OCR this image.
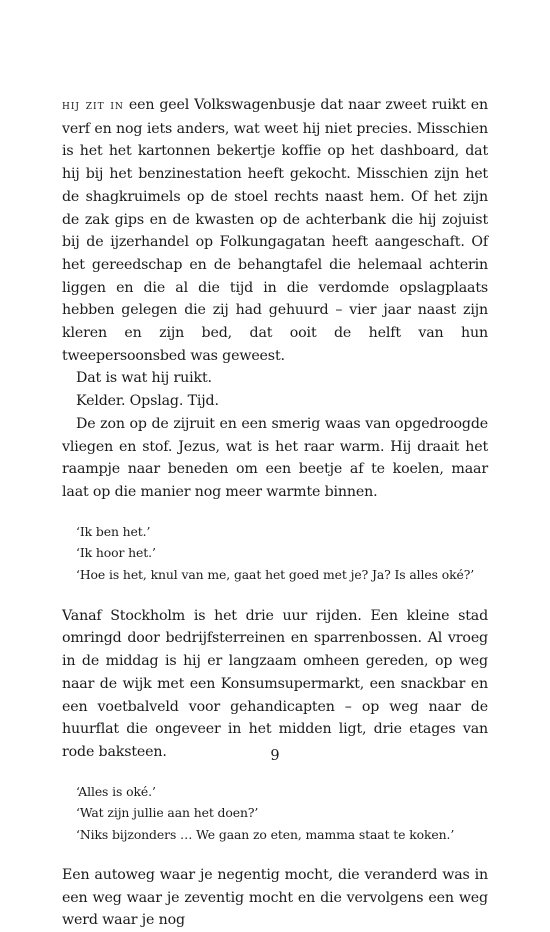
hij zit in een geel Volkswagenbusje dat naar zweet ruikt en verf en nog iets anders, wat weet hij niet precies. Misschien is het het kartonnen bekertje koffie op het dashboard, dat hij bij het benzinestation heeft gekocht. Misschien zijn het de shagkruimels op de stoel rechts naast hem. Of het zijn de zak gips en de kwasten op de achterbank die hij zojuist bij de ijzerhandel op Folkungagatan heeft aangeschaft. Of het gereedschap en de behangtafel die helemaal achterin liggen en die al die tijd in die verdomde opslagplaats hebben gelegen die zij had gehuurd – vier jaar naast zijn kleren en zijn bed, dat ooit de helft van hun tweepersoonsbed was geweest.

Dat is wat hij ruikt.

Kelder. Opslag. Tijd.

De zon op de zijruit en een smerig waas van opgedroogde vliegen en stof. Jezus, wat is het raar warm. Hij draait het raampje naar beneden om een beetje af te koelen, maar laat op die manier nog meer warmte binnen.

‘Ik ben het.’

‘Ik hoor het.’

‘Hoe is het, knul van me, gaat het goed met je? Ja? Is alles oké?’

Vanaf Stockholm is het drie uur rijden. Een kleine stad omringd door bedrijfsterreinen en sparrenbossen. Al vroeg in de middag is hij er langzaam omheen gereden, op weg naar de wijk met een Konsumsupermarkt, een snackbar en een voetbalveld voor gehandicapten – op weg naar de huurflat die ongeveer in het midden ligt, drie etages van rode baksteen.

‘Alles is oké.’

‘Wat zijn jullie aan het doen?’

‘Niks bijzonders … We gaan zo eten, mamma staat te koken.’

Een autoweg waar je negentig mocht, die veranderd was in een weg waar je zeventig mocht en die vervolgens een weg werd waar je nog

9
